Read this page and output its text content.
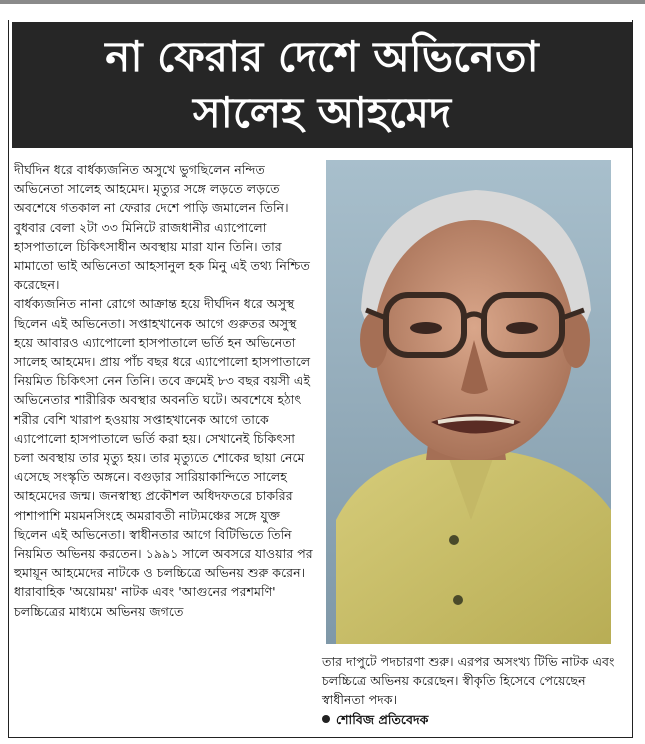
না ফেরার দেশে অভিনেতা
সালেহ আহমেদ

দীর্ঘদিন ধরে বার্ধক্যজনিত অসুখে ভুগছিলেন নন্দিত অভিনেতা সালেহ আহমেদ। মৃত্যুর সঙ্গে লড়তে লড়তে অবশেষে গতকাল না ফেরার দেশে পাড়ি জমালেন তিনি। বুধবার বেলা ২টা ৩৩ মিনিটে রাজধানীর এ্যাপোলো হাসপাতালে চিকিৎসাধীন অবস্থায় মারা যান তিনি। তার মামাতো ভাই অভিনেতা আহসানুল হক মিনু এই তথ্য নিশ্চিত করেছেন।

বার্ধক্যজনিত নানা রোগে আক্রান্ত হয়ে দীর্ঘদিন ধরে অসুস্থ ছিলেন এই অভিনেতা। সপ্তাহখানেক আগে গুরুতর অসুস্থ হয়ে আবারও এ্যাপোলো হাসপাতালে ভর্তি হন অভিনেতা সালেহ আহমেদ। প্রায় পাঁচ বছর ধরে এ্যাপোলো হাসপাতালে নিয়মিত চিকিৎসা নেন তিনি। তবে ক্রমেই ৮৩ বছর বয়সী এই অভিনেতার শারীরিক অবস্থার অবনতি ঘটে। অবশেষে হঠাৎ শরীর বেশি খারাপ হওয়ায় সপ্তাহখানেক আগে তাকে এ্যাপোলো হাসপাতালে ভর্তি করা হয়। সেখানেই চিকিৎসা চলা অবস্থায় তার মৃত্যু হয়। তার মৃত্যুতে শোকের ছায়া নেমে এসেছে সংস্কৃতি অঙ্গনে। বগুড়ার সারিয়াকান্দিতে সালেহ আহমেদের জন্ম। জনস্বাস্থ্য প্রকৌশল অধিদফতরে চাকরির পাশাপাশি ময়মনসিংহে অমরাবতী নাট্যমঞ্চের সঙ্গে যুক্ত ছিলেন এই অভিনেতা। স্বাধীনতার আগে বিটিভিতে তিনি নিয়মিত অভিনয় করতেন। ১৯৯১ সালে অবসরে যাওয়ার পর হুমায়ূন আহমেদের নাটকে ও চলচ্চিত্রে অভিনয় শুরু করেন।

ধারাবাহিক 'অয়োময়' নাটক এবং 'আগুনের পরশমণি' চলচ্চিত্রের মাধ্যমে অভিনয় জগতে

তার দাপুটে পদচারণা শুরু। এরপর অসংখ্য টিভি নাটক এবং চলচ্চিত্রে অভিনয় করেছেন। স্বীকৃতি হিসেবে পেয়েছেন স্বাধীনতা পদক।

শোবিজ প্রতিবেদক
